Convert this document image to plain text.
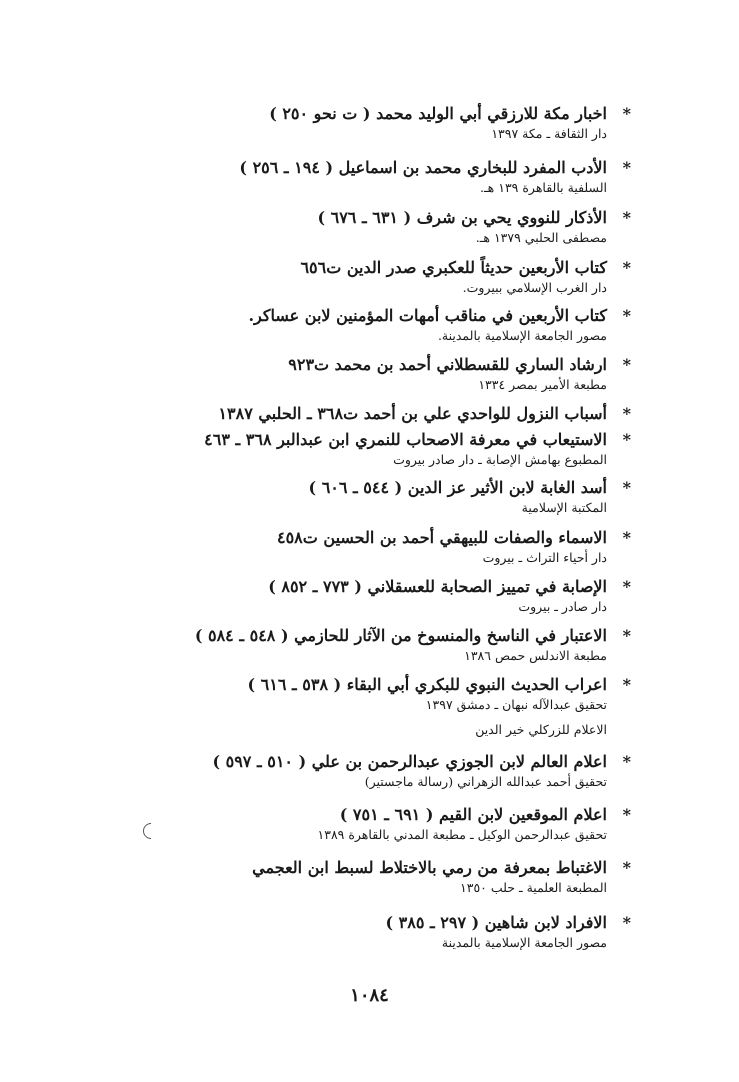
*
اخبار مكة للارزقي أبي الوليد محمد ( ت نحو ٢٥٠ )
دار الثقافة ـ مكة ١٣٩٧
*
الأدب المفرد للبخاري محمد بن اسماعيل ( ١٩٤ ـ ٢٥٦ )
السلفية بالقاهرة ١٣٩ هـ.
*
الأذكار للنووي يحي بن شرف ( ٦٣١ ـ ٦٧٦ )
مصطفى الحلبي ١٣٧٩ هـ.
*
كتاب الأربعين حديثاً للعكبري صدر الدين ت٦٥٦
دار الغرب الإسلامي ببيروت.
*
كتاب الأربعين في مناقب أمهات المؤمنين لابن عساكر.
مصور الجامعة الإسلامية بالمدينة.
*
ارشاد الساري للقسطلاني أحمد بن محمد ت٩٢٣
مطبعة الأمير بمصر ١٣٣٤
*
أسباب النزول للواحدي علي بن أحمد ت٣٦٨ ـ الحلبي ١٣٨٧
*
الاستيعاب في معرفة الاصحاب للنمري ابن عبدالبر ٣٦٨ ـ ٤٦٣
المطبوع بهامش الإصابة ـ دار صادر بيروت
*
أسد الغابة لابن الأثير عز الدين ( ٥٤٤ ـ ٦٠٦ )
المكتبة الإسلامية
*
الاسماء والصفات للبيهقي أحمد بن الحسين ت٤٥٨
دار أحياء التراث ـ بيروت
*
الإصابة في تمييز الصحابة للعسقلاني ( ٧٧٣ ـ ٨٥٢ )
دار صادر ـ بيروت
*
الاعتبار في الناسخ والمنسوخ من الآثار للحازمي ( ٥٤٨ ـ ٥٨٤ )
مطبعة الاندلس حمص ١٣٨٦
*
اعراب الحديث النبوي للبكري أبي البقاء ( ٥٣٨ ـ ٦١٦ )
تحقيق عبدالآله نبهان ـ دمشق ١٣٩٧
الاعلام للزركلي خير الدين
*
اعلام العالم لابن الجوزي عبدالرحمن بن علي ( ٥١٠ ـ ٥٩٧ )
تحقيق أحمد عبدالله الزهراني (رسالة ماجستير)
*
اعلام الموقعين لابن القيم ( ٦٩١ ـ ٧٥١ )
تحقيق عبدالرحمن الوكيل ـ مطبعة المدني بالقاهرة ١٣٨٩
*
الاغتباط بمعرفة من رمي بالاختلاط لسبط ابن العجمي
المطبعة العلمية ـ حلب ١٣٥٠
*
الافراد لابن شاهين ( ٢٩٧ ـ ٣٨٥ )
مصور الجامعة الإسلامية بالمدينة
١٠٨٤
